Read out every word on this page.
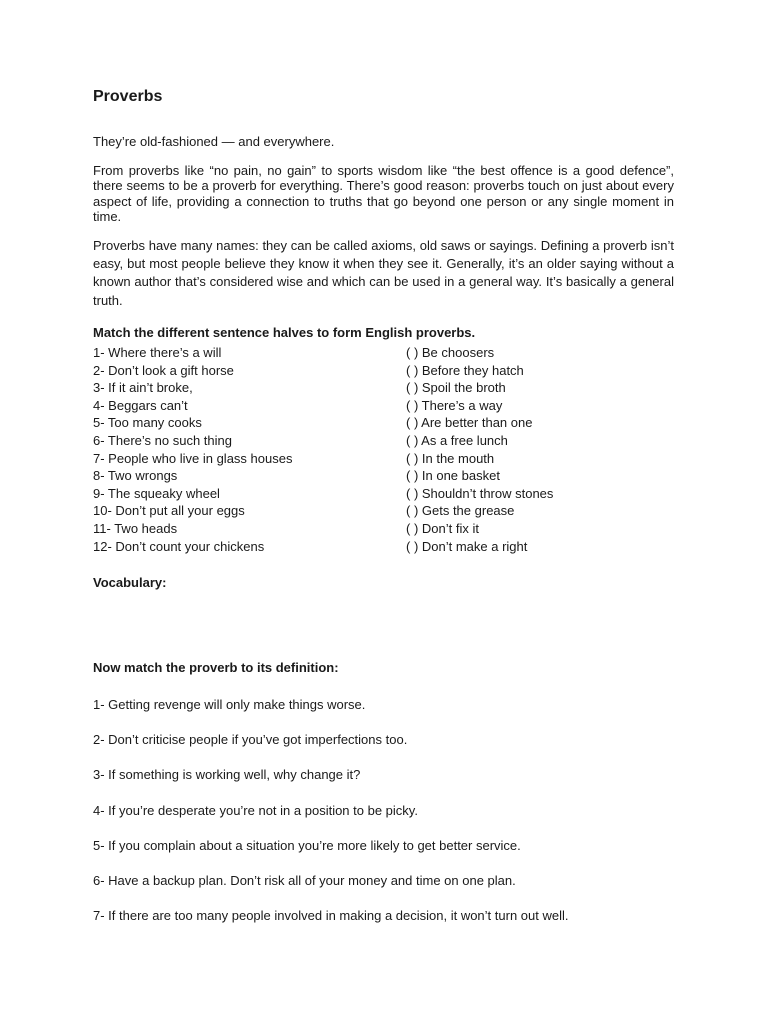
Proverbs

They’re old-fashioned — and everywhere.

From proverbs like “no pain, no gain” to sports wisdom like “the best offence is a good defence”, there seems to be a proverb for everything. There’s good reason: proverbs touch on just about every aspect of life, providing a connection to truths that go beyond one person or any single moment in time.

Proverbs have many names: they can be called axioms, old saws or sayings. Defining a proverb isn’t easy, but most people believe they know it when they see it. Generally, it’s an older saying without a known author that’s considered wise and which can be used in a general way. It’s basically a general truth.

Match the different sentence halves to form English proverbs.

1- Where there’s a will	( ) Be choosers
2- Don’t look a gift horse	( ) Before they hatch
3- If it ain’t broke,	( ) Spoil the broth
4- Beggars can’t	( ) There’s a way
5- Too many cooks	( ) Are better than one
6- There’s no such thing	( ) As a free lunch
7- People who live in glass houses	( ) In the mouth
8- Two wrongs	( ) In one basket
9- The squeaky wheel	( ) Shouldn’t throw stones
10- Don’t put all your eggs	( ) Gets the grease
11- Two heads	( ) Don’t fix it
12- Don’t count your chickens	( ) Don’t make a right

Vocabulary:

Now match the proverb to its definition:

1- Getting revenge will only make things worse.
2- Don’t criticise people if you’ve got imperfections too.
3- If something is working well, why change it?
4- If you’re desperate you’re not in a position to be picky.
5- If you complain about a situation you’re more likely to get better service.
6- Have a backup plan. Don’t risk all of your money and time on one plan.
7- If there are too many people involved in making a decision, it won’t turn out well.
